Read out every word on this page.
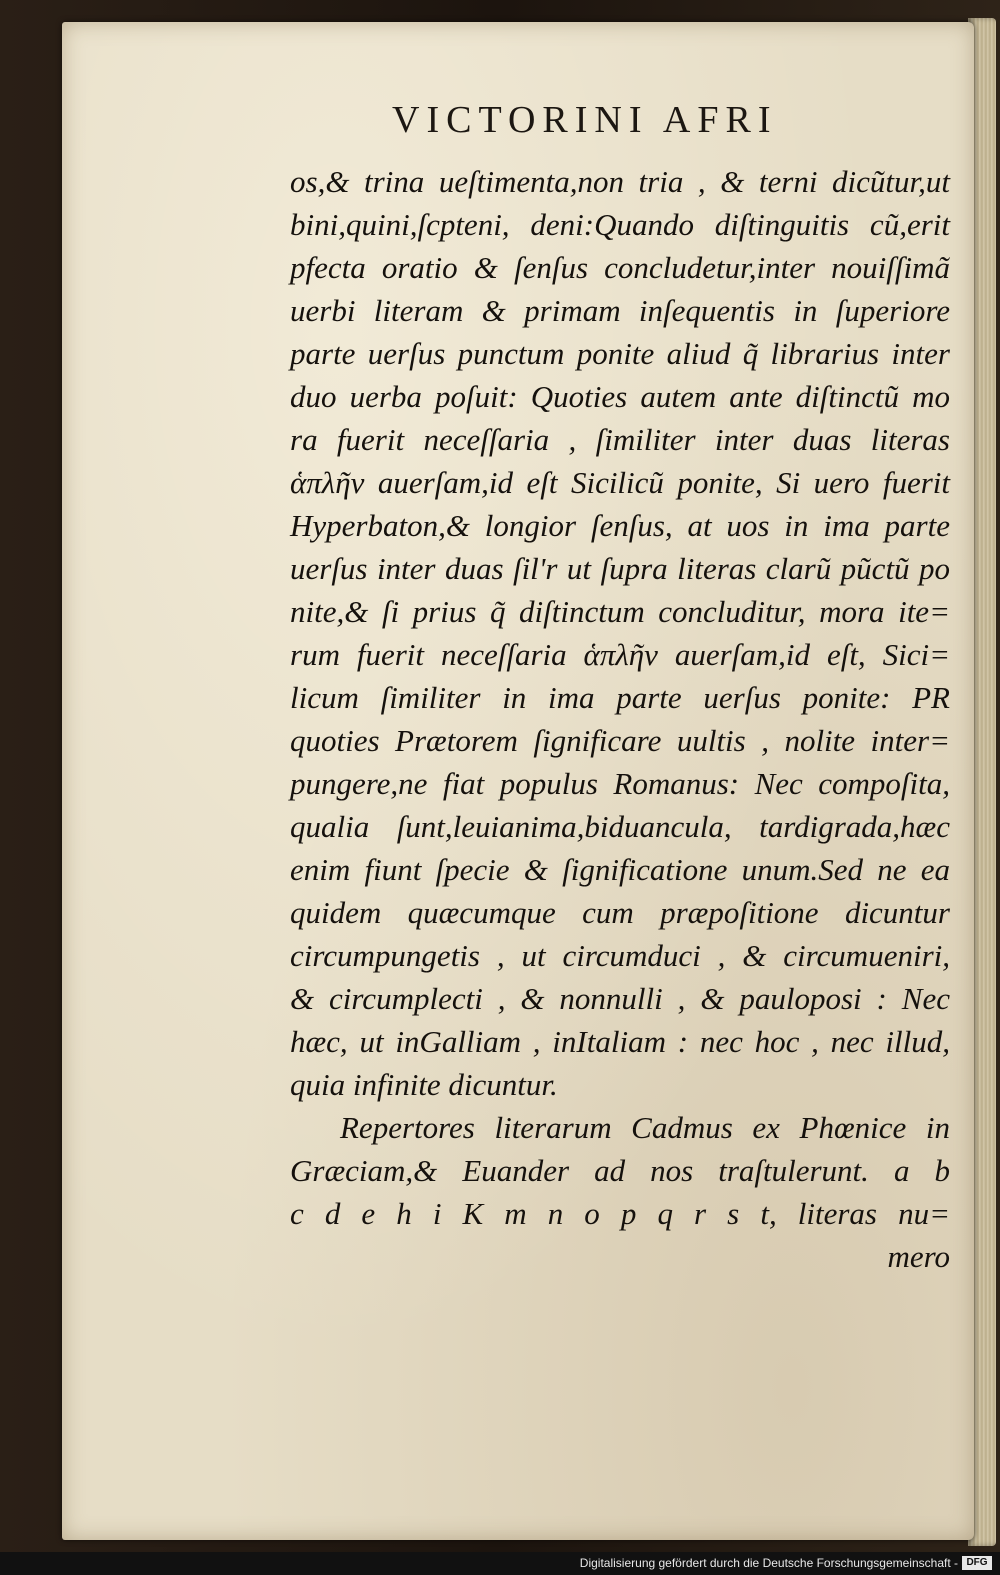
VICTORINI AFRI
os,& trina ueſtimenta,non tria , & terni dicũtur,ut
bini,quini,ſcpteni, deni:Quando diſtinguitis cũ,erit
pfecta oratio & ſenſus concludetur,inter nouiſſimã
uerbi literam & primam inſequentis in ſuperiore
parte uerſus punctum ponite aliud q̃ librarius inter
duo uerba poſuit: Quoties autem ante diſtinctũ mo
ra fuerit neceſſaria , ſimiliter inter duas literas
ἁπλῆν auerſam,id eſt Sicilicũ ponite, Si uero fuerit
Hyperbaton,& longior ſenſus, at uos in ima parte
uerſus inter duas ſil'r ut ſupra literas clarũ pũctũ po
nite,& ſi prius q̃ diſtinctum concluditur, mora ite=
rum fuerit neceſſaria ἁπλῆν auerſam,id eſt, Sici=
licum ſimiliter in ima parte uerſus ponite: PR
quoties Prætorem ſignificare uultis , nolite inter=
pungere,ne fiat populus Romanus: Nec compoſita,
qualia ſunt,leuianima,biduancula, tardigrada,hæc
enim fiunt ſpecie & ſignificatione unum.Sed ne ea
quidem quæcumque cum præpoſitione dicuntur
circumpungetis , ut circumduci , & circumueniri,
& circumplecti , & nonnulli , & pauloposi : Nec
hæc, ut inGalliam , inItaliam : nec hoc , nec illud,
quia infinite dicuntur.
Repertores literarum Cadmus ex Phœnice in
Græciam,& Euander ad nos traſtulerunt. a b
c d e h i K m n o p q r s t, literas nu=
mero
Digitalisierung gefördert durch die Deutsche Forschungsgemeinschaft - DFG
